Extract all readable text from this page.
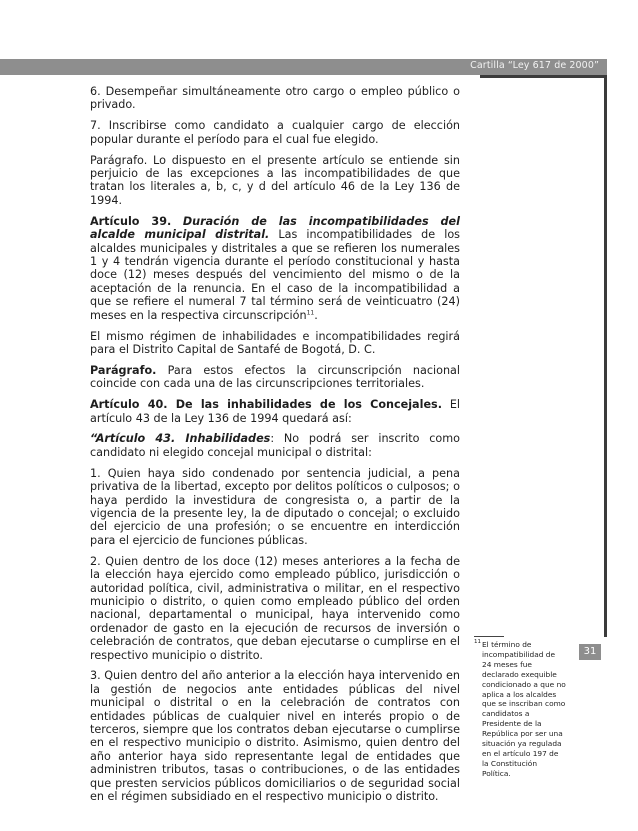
Cartilla “Ley 617 de 2000”

6. Desempeñar simultáneamente otro cargo o empleo público o privado.

7. Inscribirse como candidato a cualquier cargo de elección popular durante el período para el cual fue elegido.

Parágrafo. Lo dispuesto en el presente artículo se entiende sin perjuicio de las excepciones a las incompatibilidades de que tratan los literales a, b, c, y d del artículo 46 de la Ley 136 de 1994.

Artículo 39. Duración de las incompatibilidades del alcalde municipal distrital. Las incompatibilidades de los alcaldes municipales y distritales a que se refieren los numerales 1 y 4 tendrán vigencia durante el período constitucional y hasta doce (12) meses después del vencimiento del mismo o de la aceptación de la renuncia. En el caso de la incompatibilidad a que se refiere el numeral 7 tal término será de veinticuatro (24) meses en la respectiva circunscripción$^{11}$.

El mismo régimen de inhabilidades e incompatibilidades regirá para el Distrito Capital de Santafé de Bogotá, D. C.

Parágrafo. Para estos efectos la circunscripción nacional coincide con cada una de las circunscripciones territoriales.

Artículo 40. De las inhabilidades de los Concejales. El artículo 43 de la Ley 136 de 1994 quedará así:

“Artículo 43. Inhabilidades: No podrá ser inscrito como candidato ni elegido concejal municipal o distrital:

1. Quien haya sido condenado por sentencia judicial, a pena privativa de la libertad, excepto por delitos políticos o culposos; o haya perdido la investidura de congresista o, a partir de la vigencia de la presente ley, la de diputado o concejal; o excluido del ejercicio de una profesión; o se encuentre en interdicción para el ejercicio de funciones públicas.

2. Quien dentro de los doce (12) meses anteriores a la fecha de la elección haya ejercido como empleado público, jurisdicción o autoridad política, civil, administrativa o militar, en el respectivo municipio o distrito, o quien como empleado público del orden nacional, departamental o municipal, haya intervenido como ordenador de gasto en la ejecución de recursos de inversión o celebración de contratos, que deban ejecutarse o cumplirse en el respectivo municipio o distrito.

3. Quien dentro del año anterior a la elección haya intervenido en la gestión de negocios ante entidades públicas del nivel municipal o distrital o en la celebración de contratos con entidades públicas de cualquier nivel en interés propio o de terceros, siempre que los contratos deban ejecutarse o cumplirse en el respectivo municipio o distrito. Asimismo, quien dentro del año anterior haya sido representante legal de entidades que administren tributos, tasas o contribuciones, o de las entidades que presten servicios públicos domiciliarios o de seguridad social en el régimen subsidiado en el respectivo municipio o distrito.

11 El término de incompatibilidad de 24 meses fue declarado exequible condicionado a que no aplica a los alcaldes que se inscriban como candidatos a Presidente de la República por ser una situación ya regulada en el artículo 197 de la Constitución Política.
31
